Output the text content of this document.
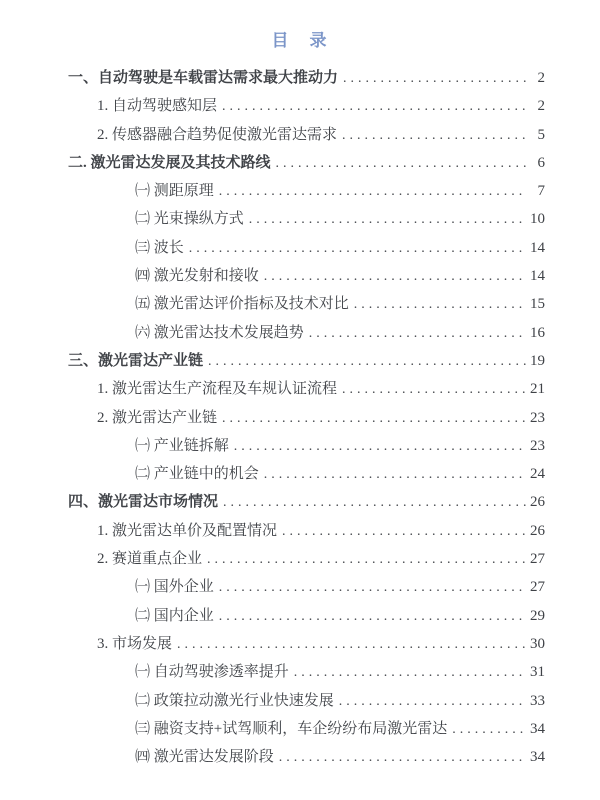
目　录
一、自动驾驶是车载雷达需求最大推动力 .....	2
1. 自动驾驶感知层 .....	2
2. 传感器融合趋势促使激光雷达需求 .....	5
二. 激光雷达发展及其技术路线 .....	6
㈠ 测距原理 .....	7
㈡ 光束操纵方式 .....	10
㈢ 波长 .....	14
㈣ 激光发射和接收 .....	14
㈤ 激光雷达评价指标及技术对比 .....	15
㈥ 激光雷达技术发展趋势 .....	16
三、激光雷达产业链 .....	19
1. 激光雷达生产流程及车规认证流程 .....	21
2. 激光雷达产业链 .....	23
㈠ 产业链拆解 .....	23
㈡ 产业链中的机会 .....	24
四、激光雷达市场情况 .....	26
1. 激光雷达单价及配置情况 .....	26
2. 赛道重点企业 .....	27
㈠ 国外企业 .....	27
㈡ 国内企业 .....	29
3. 市场发展 .....	30
㈠ 自动驾驶渗透率提升 .....	31
㈡ 政策拉动激光行业快速发展 .....	33
㈢ 融资支持+试驾顺利，车企纷纷布局激光雷达 .....	34
㈣ 激光雷达发展阶段 .....	34
